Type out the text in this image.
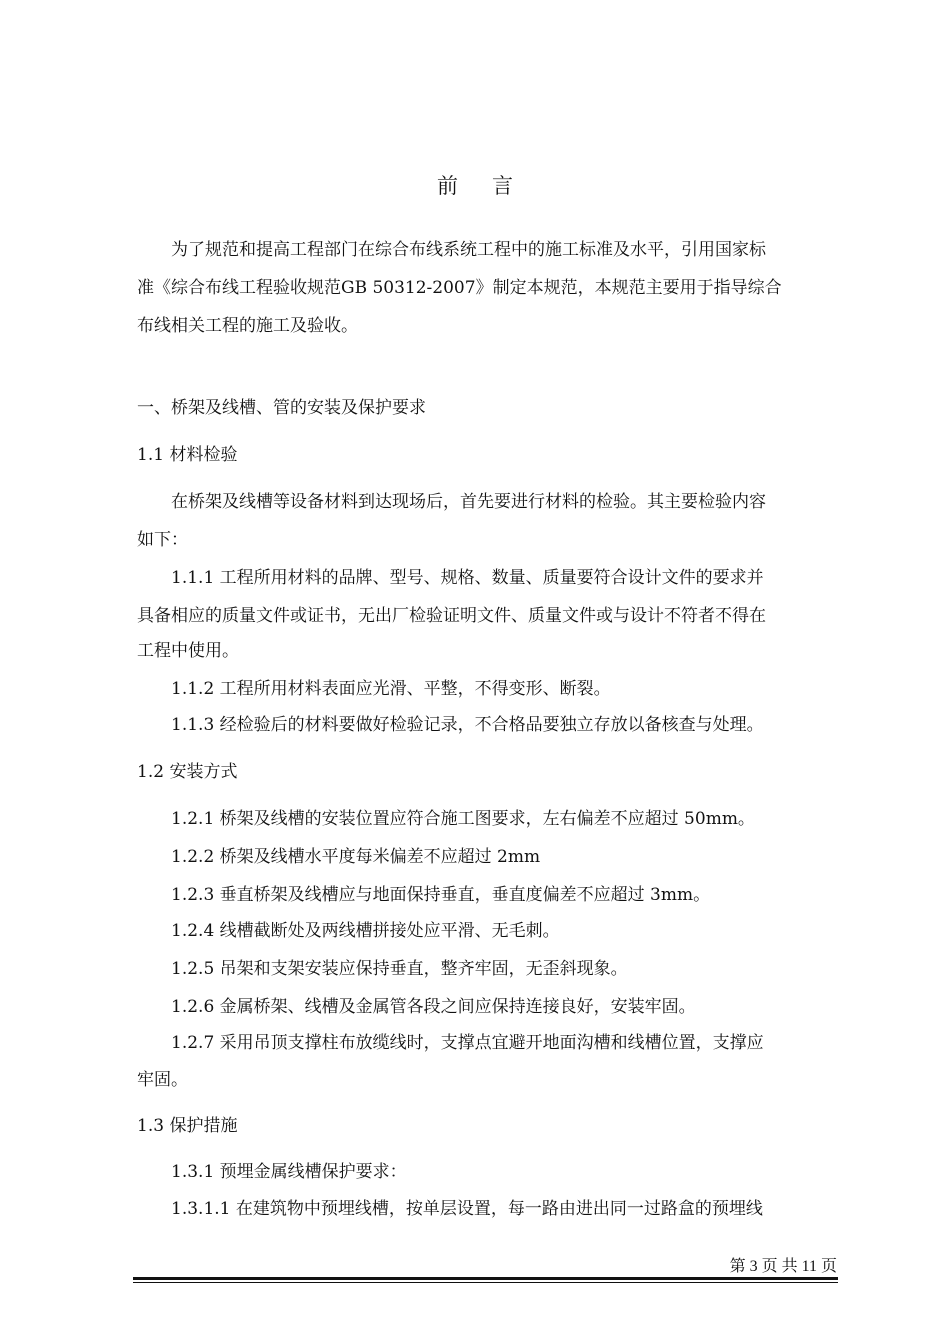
前 言

为了规范和提高工程部门在综合布线系统工程中的施工标准及水平，引用国家标

准《综合布线工程验收规范GB 50312-2007》制定本规范，本规范主要用于指导综合

布线相关工程的施工及验收。

一、桥架及线槽、管的安装及保护要求

1.1 材料检验

在桥架及线槽等设备材料到达现场后，首先要进行材料的检验。其主要检验内容

如下：

1.1.1 工程所用材料的品牌、型号、规格、数量、质量要符合设计文件的要求并

具备相应的质量文件或证书，无出厂检验证明文件、质量文件或与设计不符者不得在

工程中使用。

1.1.2 工程所用材料表面应光滑、平整，不得变形、断裂。

1.1.3 经检验后的材料要做好检验记录，不合格品要独立存放以备核查与处理。

1.2 安装方式

1.2.1 桥架及线槽的安装位置应符合施工图要求，左右偏差不应超过 50mm。

1.2.2 桥架及线槽水平度每米偏差不应超过 2mm

1.2.3 垂直桥架及线槽应与地面保持垂直，垂直度偏差不应超过 3mm。

1.2.4 线槽截断处及两线槽拼接处应平滑、无毛刺。

1.2.5 吊架和支架安装应保持垂直，整齐牢固，无歪斜现象。

1.2.6 金属桥架、线槽及金属管各段之间应保持连接良好，安装牢固。

1.2.7 采用吊顶支撑柱布放缆线时，支撑点宜避开地面沟槽和线槽位置，支撑应

牢固。

1.3 保护措施

1.3.1 预埋金属线槽保护要求：

1.3.1.1 在建筑物中预埋线槽，按单层设置，每一路由进出同一过路盒的预埋线

第 3 页 共 11 页
